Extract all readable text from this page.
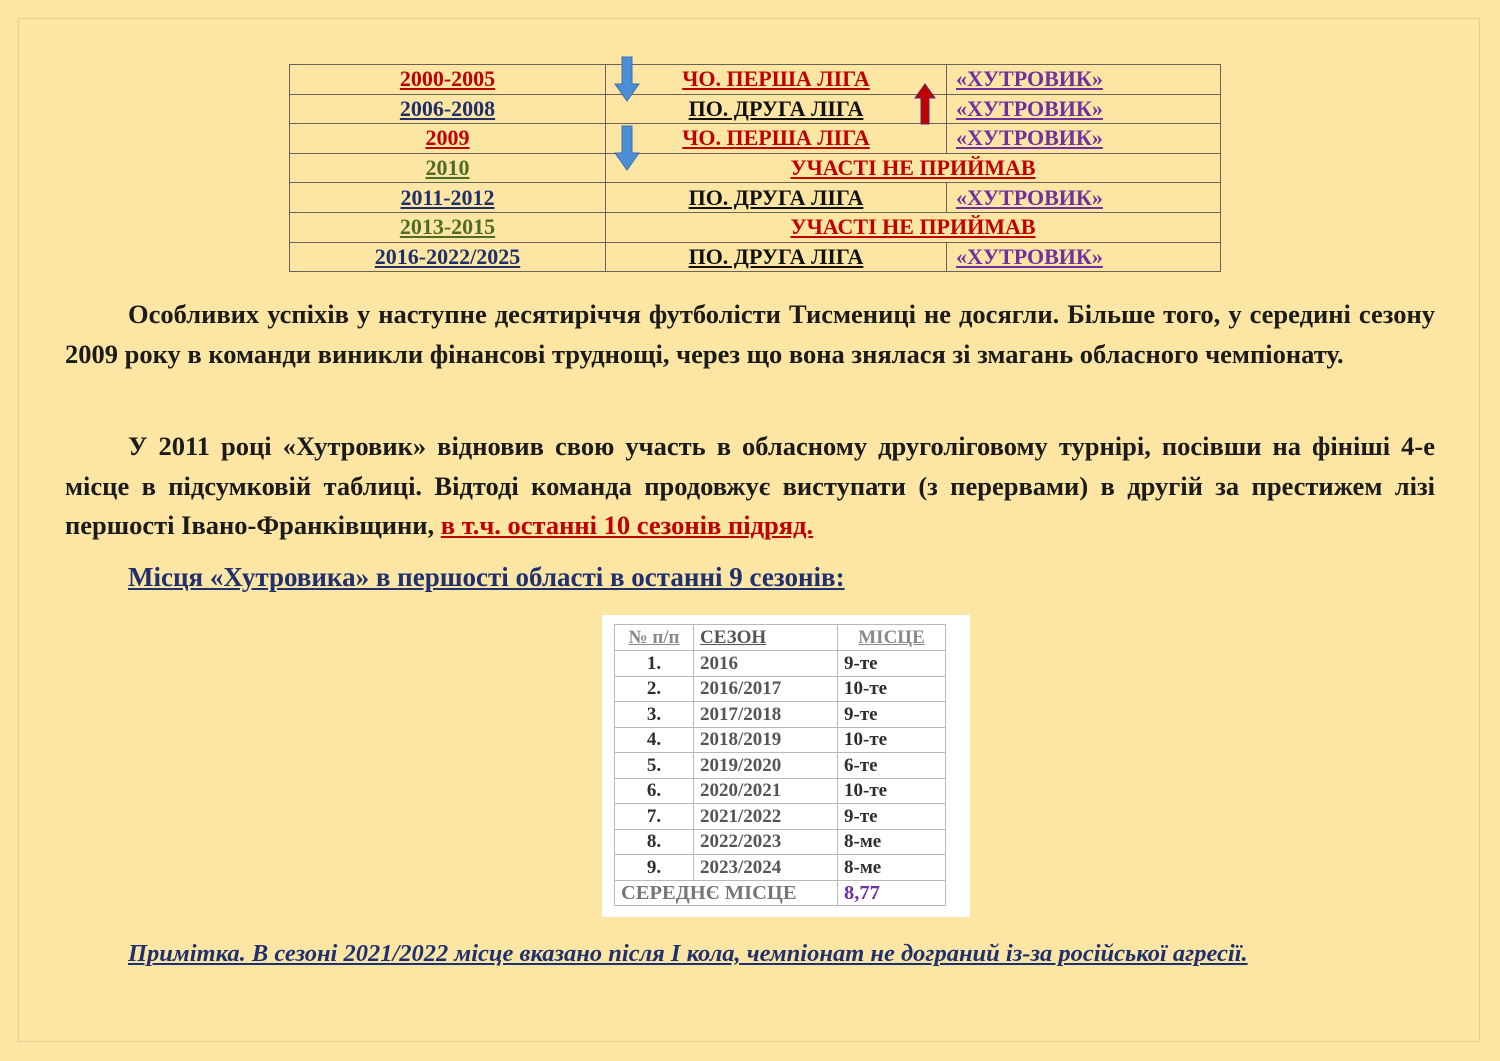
2000-2005	ЧО. ПЕРША ЛІГА	«ХУТРОВИК»
2006-2008	ПО. ДРУГА ЛІГА	«ХУТРОВИК»
2009	ЧО. ПЕРША ЛІГА	«ХУТРОВИК»
2010	УЧАСТІ НЕ ПРИЙМАВ	
2011-2012	ПО. ДРУГА ЛІГА	«ХУТРОВИК»
2013-2015	УЧАСТІ НЕ ПРИЙМАВ	
2016-2022/2025	ПО. ДРУГА ЛІГА	«ХУТРОВИК»

Особливих успіхів у наступне десятиріччя футболісти Тисмениці не досягли. Більше того, у середині сезону 2009 року в команди виникли фінансові труднощі, через що вона знялася зі змагань обласного чемпіонату.

У 2011 році «Хутровик» відновив свою участь в обласному друголіговому турнірі, посівши на фініші 4-е місце в підсумковій таблиці. Відтоді команда продовжує виступати (з перервами) в другій за престижем лізі першості Івано-Франківщини, в т.ч. останні 10 сезонів підряд.

Місця «Хутровика» в першості області в останні 9 сезонів:

№ п/п	СЕЗОН	МІСЦЕ
1.	2016	9-те
2.	2016/2017	10-те
3.	2017/2018	9-те
4.	2018/2019	10-те
5.	2019/2020	6-те
6.	2020/2021	10-те
7.	2021/2022	9-те
8.	2022/2023	8-ме
9.	2023/2024	8-ме
СЕРЕДНЄ МІСЦЕ		8,77

Примітка. В сезоні 2021/2022 місце вказано після І кола, чемпіонат не дограний із-за російської агресії.
